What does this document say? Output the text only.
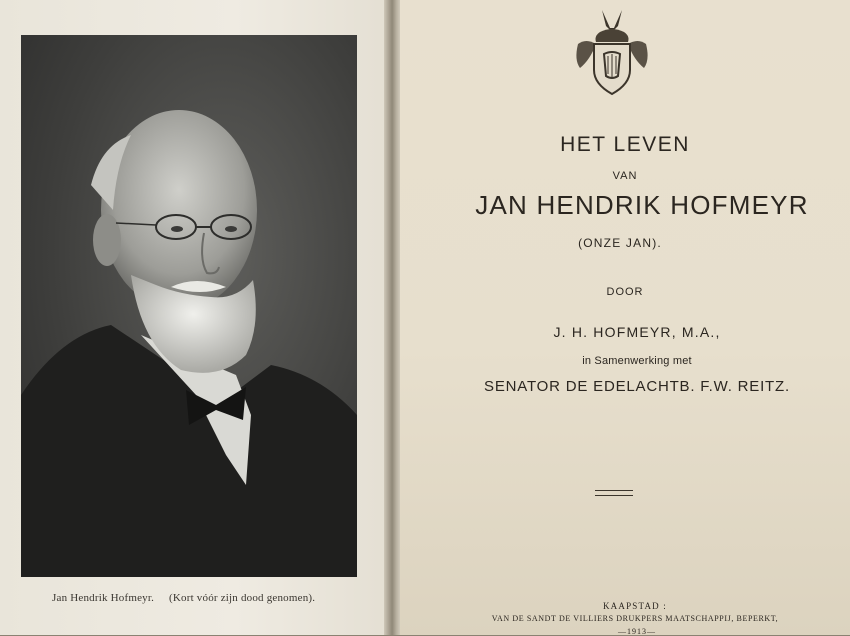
Jan Hendrik Hofmeyr. (Kort vóór zijn dood genomen).
HET LEVEN
VAN
JAN HENDRIK HOFMEYR
(ONZE JAN).
DOOR
J. H. HOFMEYR, M.A.,
in Samenwerking met
SENATOR DE EDELACHTB. F.W. REITZ.
KAAPSTAD :
VAN DE SANDT DE VILLIERS DRUKPERS MAATSCHAPPIJ, BEPERKT,
—1913—
